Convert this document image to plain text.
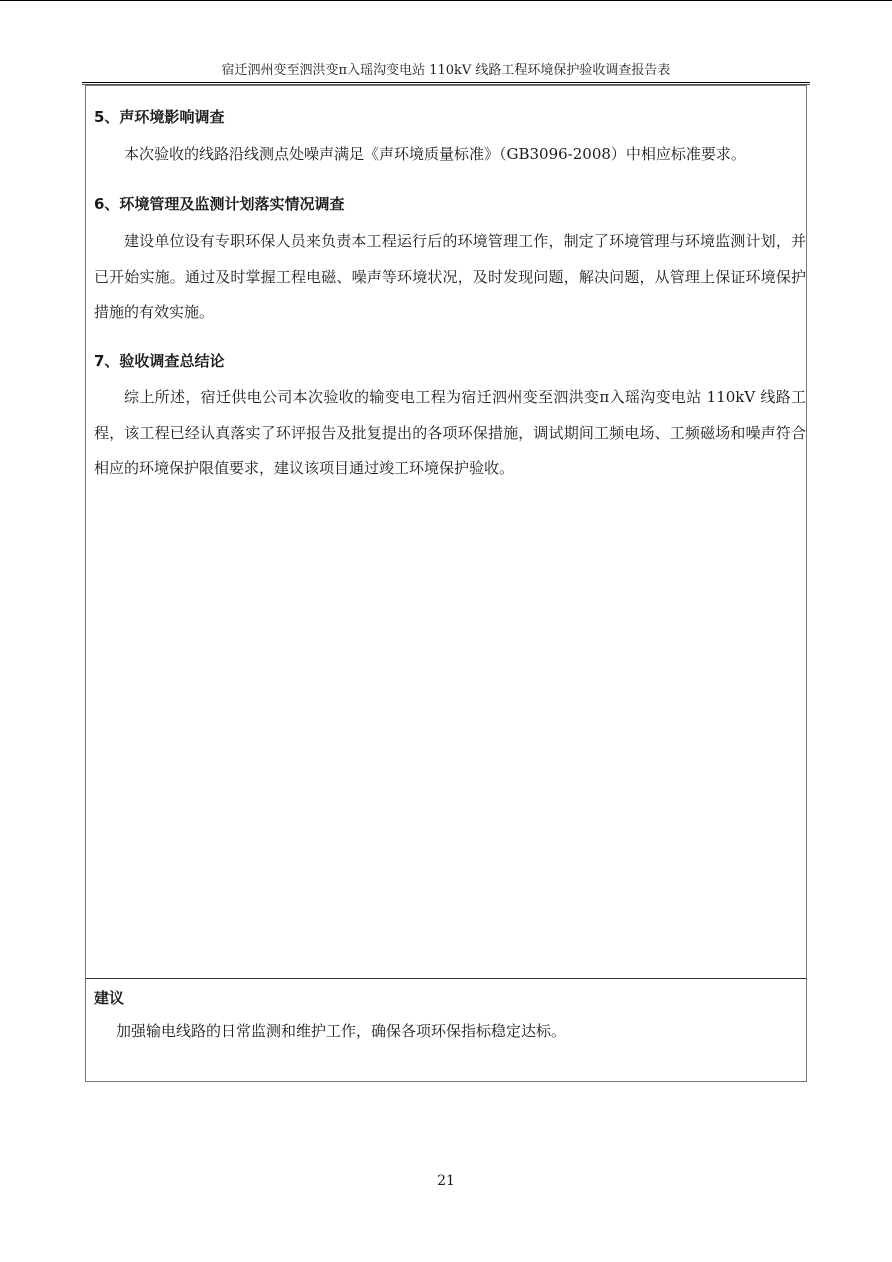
宿迁泗州变至泗洪变π入瑶沟变电站 110kV 线路工程环境保护验收调查报告表
5、声环境影响调查
本次验收的线路沿线测点处噪声满足《声环境质量标准》（GB3096-2008）中相应标准要求。
6、环境管理及监测计划落实情况调查
建设单位设有专职环保人员来负责本工程运行后的环境管理工作，制定了环境管理与环境监测计划，并已开始实施。通过及时掌握工程电磁、噪声等环境状况，及时发现问题，解决问题，从管理上保证环境保护措施的有效实施。
7、验收调查总结论
综上所述，宿迁供电公司本次验收的输变电工程为宿迁泗州变至泗洪变π入瑶沟变电站 110kV 线路工程，该工程已经认真落实了环评报告及批复提出的各项环保措施，调试期间工频电场、工频磁场和噪声符合相应的环境保护限值要求，建议该项目通过竣工环境保护验收。
建议
加强输电线路的日常监测和维护工作，确保各项环保指标稳定达标。
21
